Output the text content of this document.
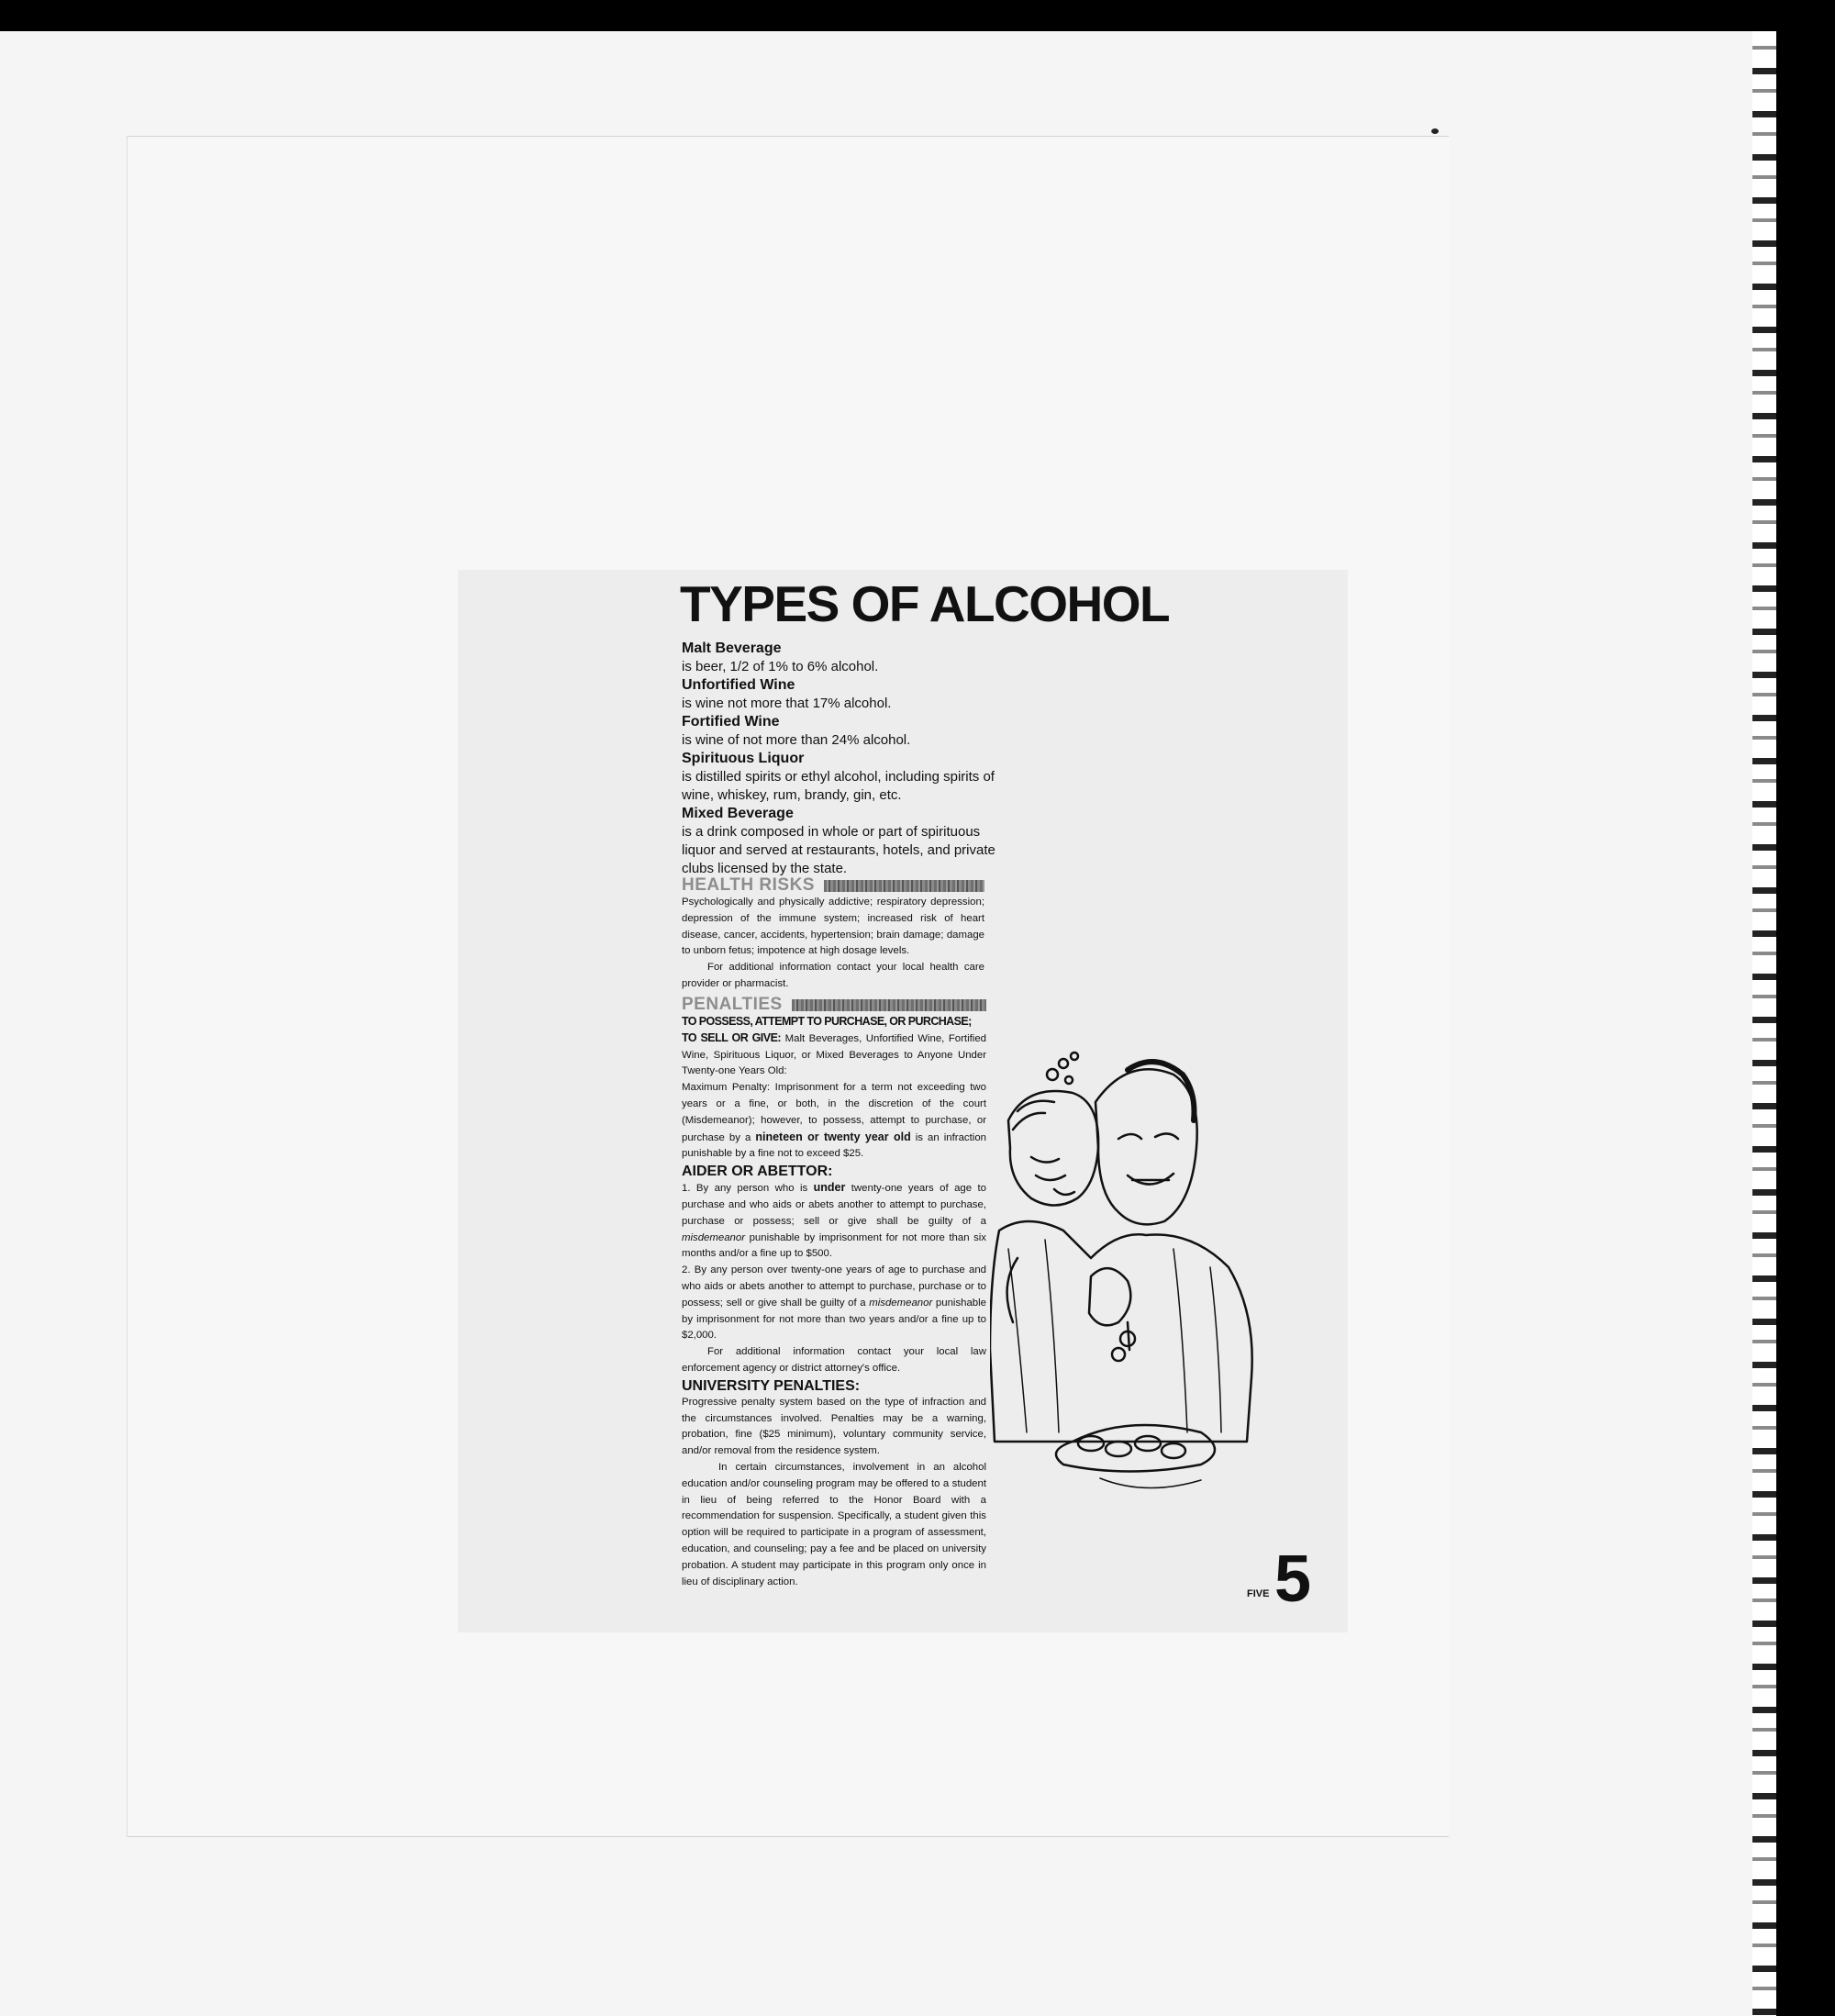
TYPES OF ALCOHOL

Malt Beverage

is beer, 1/2 of 1% to 6% alcohol.

Unfortified Wine

is wine not more that 17% alcohol.

Fortified Wine

is wine of not more than 24% alcohol.

Spirituous Liquor

is distilled spirits or ethyl alcohol, including spirits of wine, whiskey, rum, brandy, gin, etc.

Mixed Beverage

is a drink composed in whole or part of spirituous liquor and served at restaurants, hotels, and private clubs licensed by the state.

HEALTH RISKS

Psychologically and physically addictive; respiratory depression; depression of the immune system; increased risk of heart disease, cancer, accidents, hypertension; brain damage; damage to unborn fetus; impotence at high dosage levels.

For additional information contact your local health care provider or pharmacist.

PENALTIES

TO POSSESS, ATTEMPT TO PURCHASE, OR PURCHASE;

TO SELL OR GIVE: Malt Beverages, Unfortified Wine, Fortified Wine, Spirituous Liquor, or Mixed Beverages to Anyone Under Twenty-one Years Old:

Maximum Penalty: Imprisonment for a term not exceeding two years or a fine, or both, in the discretion of the court (Misdemeanor); however, to possess, attempt to purchase, or purchase by a nineteen or twenty year old is an infraction punishable by a fine not to exceed $25.

AIDER OR ABETTOR:

1. By any person who is under twenty-one years of age to purchase and who aids or abets another to attempt to purchase, purchase or possess; sell or give shall be guilty of a misdemeanor punishable by imprisonment for not more than six months and/or a fine up to $500.

2. By any person over twenty-one years of age to purchase and who aids or abets another to attempt to purchase, purchase or to possess; sell or give shall be guilty of a misdemeanor punishable by imprisonment for not more than two years and/or a fine up to $2,000.

For additional information contact your local law enforcement agency or district attorney's office.

UNIVERSITY PENALTIES:

Progressive penalty system based on the type of infraction and the circumstances involved. Penalties may be a warning, probation, fine ($25 minimum), voluntary community service, and/or removal from the residence system.

In certain circumstances, involvement in an alcohol education and/or counseling program may be offered to a student in lieu of being referred to the Honor Board with a recommendation for suspension. Specifically, a student given this option will be required to participate in a program of assessment, education, and counseling; pay a fee and be placed on university probation. A student may participate in this program only once in lieu of disciplinary action.

FIVE 5
